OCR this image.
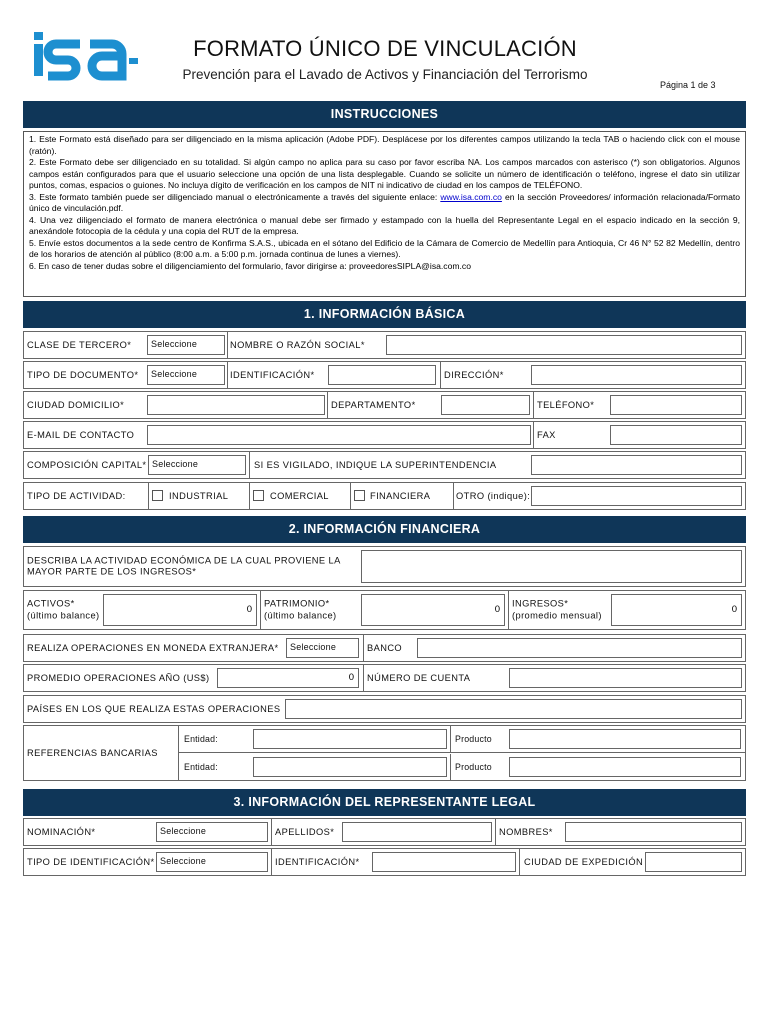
FORMATO ÚNICO DE VINCULACIÓN
Prevención para el Lavado de Activos y Financiación del Terrorismo
Página 1 de 3
INSTRUCCIONES

1. Este Formato está diseñado para ser diligenciado en la misma aplicación (Adobe PDF). Desplácese por los diferentes campos utilizando la tecla TAB o haciendo click con el mouse (ratón).

2. Este Formato debe ser diligenciado en su totalidad. Si algún campo no aplica para su caso por favor escriba NA. Los campos marcados con asterisco (*) son obligatorios. Algunos campos están configurados para que el usuario seleccione una opción de una lista desplegable. Cuando se solicite un número de identificación o teléfono, ingrese el dato sin utilizar puntos, comas, espacios o guiones. No incluya dígito de verificación en los campos de NIT ni indicativo de ciudad en los campos de TELÉFONO.

3. Este formato también puede ser diligenciado manual o electrónicamente a través del siguiente enlace: www.isa.com.co en la sección Proveedores/ información relacionada/Formato único de vinculación.pdf.

4. Una vez diligenciado el formato de manera electrónica o manual debe ser firmado y estampado con la huella del Representante Legal en el espacio indicado en la sección 9, anexándole fotocopia de la cédula y una copia del RUT de la empresa.

5. Envíe estos documentos a la sede centro de Konfirma S.A.S., ubicada en el sótano del Edificio de la Cámara de Comercio de Medellín para Antioquia, Cr 46 N° 52 82 Medellín, dentro de los horarios de atención al público (8:00 a.m. a 5:00 p.m. jornada continua de lunes a viernes).

6. En caso de tener dudas sobre el diligenciamiento del formulario, favor dirigirse a: proveedoresSIPLA@isa.com.co

1. INFORMACIÓN BÁSICA
CLASE DE TERCERO*	Seleccione	NOMBRE O RAZÓN SOCIAL*
TIPO DE DOCUMENTO*	Seleccione	IDENTIFICACIÓN*	DIRECCIÓN*
CIUDAD DOMICILIO*	DEPARTAMENTO*	TELÉFONO*
E-MAIL DE CONTACTO	FAX
COMPOSICIÓN CAPITAL* Seleccione	SI ES VIGILADO, INDIQUE LA SUPERINTENDENCIA
TIPO DE ACTIVIDAD:	INDUSTRIAL	COMERCIAL	FINANCIERA	OTRO (indique):
2. INFORMACIÓN FINANCIERA
DESCRIBA LA ACTIVIDAD ECONÓMICA DE LA CUAL PROVIENE LA MAYOR PARTE DE LOS INGRESOS*
ACTIVOS*
(último balance)	0
PATRIMONIO*
(último balance)	0
INGRESOS*
(promedio mensual)	0
REALIZA OPERACIONES EN MONEDA EXTRANJERA*	Seleccione	BANCO
PROMEDIO OPERACIONES AÑO (US$)	0	NÚMERO DE CUENTA
PAÍSES EN LOS QUE REALIZA ESTAS OPERACIONES
REFERENCIAS BANCARIAS
Entidad:	Producto
Entidad:	Producto
3. INFORMACIÓN DEL REPRESENTANTE LEGAL
NOMINACIÓN*	Seleccione	APELLIDOS*	NOMBRES*
TIPO DE IDENTIFICACIÓN* Seleccione	IDENTIFICACIÓN*	CIUDAD DE EXPEDICIÓN
